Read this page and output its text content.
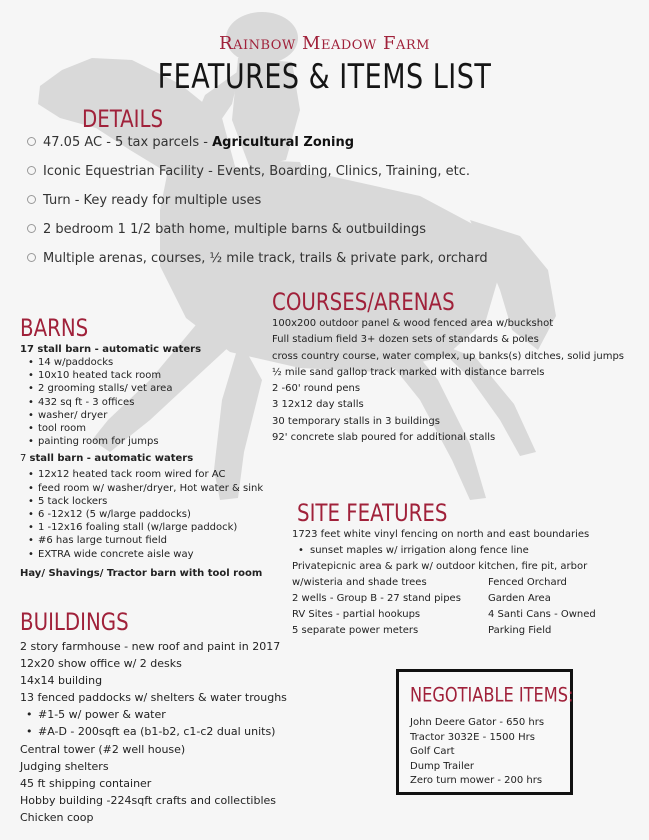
Rainbow Meadow Farm
FEATURES & ITEMS LIST
DETAILS
47.05 AC - 5 tax parcels - Agricultural Zoning
Iconic Equestrian Facility - Events, Boarding, Clinics, Training, etc.
Turn - Key ready for multiple uses
2 bedroom 1 1/2 bath home, multiple barns & outbuildings
Multiple arenas, courses, ½ mile track, trails & private park, orchard
COURSES/ARENAS
100x200 outdoor panel & wood fenced area w/buckshot
Full stadium field 3+ dozen sets of standards & poles
cross country course, water complex, up banks(s) ditches, solid jumps
½ mile sand gallop track marked with distance barrels
2 -60' round pens
3 12x12 day stalls
30 temporary stalls in 3 buildings
92' concrete slab poured for additional stalls
BARNS
17 stall barn - automatic waters
• 14 w/paddocks
• 10x10 heated tack room
• 2 grooming stalls/ vet area
• 432 sq ft - 3 offices
• washer/ dryer
• tool room
• painting room for jumps
7 stall barn - automatic waters
• 12x12 heated tack room wired for AC
• feed room w/ washer/dryer, Hot water & sink
• 5 tack lockers
• 6 -12x12 (5 w/large paddocks)
• 1 -12x16 foaling stall (w/large paddock)
• #6 has large turnout field
• EXTRA wide concrete aisle way
Hay/ Shavings/ Tractor barn with tool room
SITE FEATURES
1723 feet white vinyl fencing on north and east boundaries
• sunset maples w/ irrigation along fence line
Privatepicnic area & park w/ outdoor kitchen, fire pit, arbor
w/wisteria and shade trees	Fenced Orchard
2 wells - Group B - 27 stand pipes	Garden Area
RV Sites - partial hookups	4 Santi Cans - Owned
5 separate power meters	Parking Field
BUILDINGS
2 story farmhouse - new roof and paint in 2017
12x20 show office w/ 2 desks
14x14 building
13 fenced paddocks w/ shelters & water troughs
• #1-5 w/ power & water
• #A-D - 200sqft ea (b1-b2, c1-c2 dual units)
Central tower (#2 well house)
Judging shelters
45 ft shipping container
Hobby building -224sqft crafts and collectibles
Chicken coop
NEGOTIABLE ITEMS:
John Deere Gator - 650 hrs
Tractor 3032E - 1500 Hrs
Golf Cart
Dump Trailer
Zero turn mower - 200 hrs
